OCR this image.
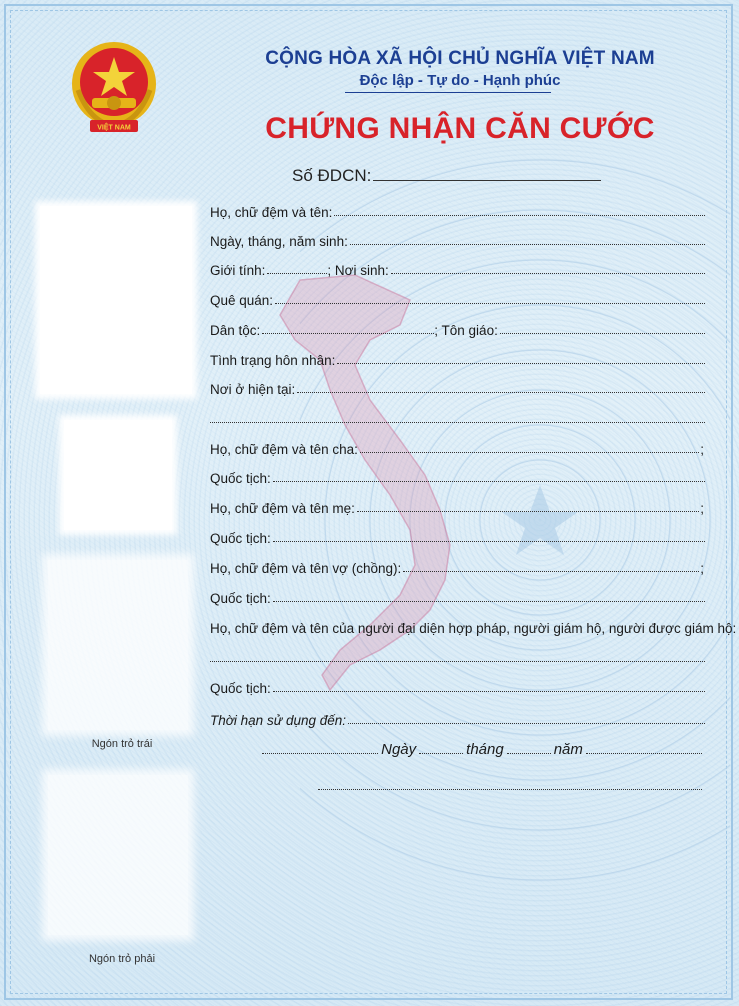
VIỆT NAM
CỘNG HÒA XÃ HỘI CHỦ NGHĨA VIỆT NAM
Độc lập - Tự do - Hạnh phúc
CHỨNG NHẬN CĂN CƯỚC
Số ĐDCN:
Ngón trỏ trái
Ngón trỏ phải
Họ, chữ đệm và tên:
Ngày, tháng, năm sinh:
Giới tính:	; Nơi sinh:
Quê quán:
Dân tộc:	; Tôn giáo:
Tình trạng hôn nhân:
Nơi ở hiện tại:
Họ, chữ đệm và tên cha:	;
Quốc tịch:
Họ, chữ đệm và tên mẹ:	;
Quốc tịch:
Họ, chữ đệm và tên vợ (chồng):	;
Quốc tịch:
Họ, chữ đệm và tên của người đại diện hợp pháp, người giám hộ, người được giám hộ:
Quốc tịch:
Thời hạn sử dụng đến:
Ngày	tháng	năm
